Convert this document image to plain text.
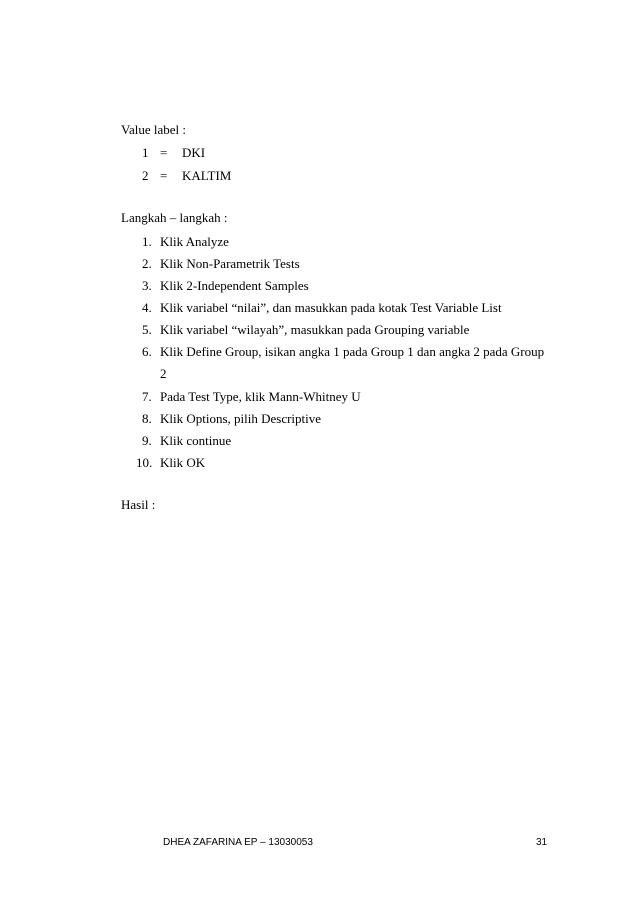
Value label :
1 = DKI
2 = KALTIM
Langkah – langkah :
1. Klik Analyze
2. Klik Non-Parametrik Tests
3. Klik 2-Independent Samples
4. Klik variabel “nilai”, dan masukkan pada kotak Test Variable List
5. Klik variabel “wilayah”, masukkan pada Grouping variable
6. Klik Define Group, isikan angka 1 pada Group 1 dan angka 2 pada Group
2
7. Pada Test Type, klik Mann-Whitney U
8. Klik Options, pilih Descriptive
9. Klik continue
10. Klik OK
Hasil :
DHEA ZAFARINA EP – 13030053	31
